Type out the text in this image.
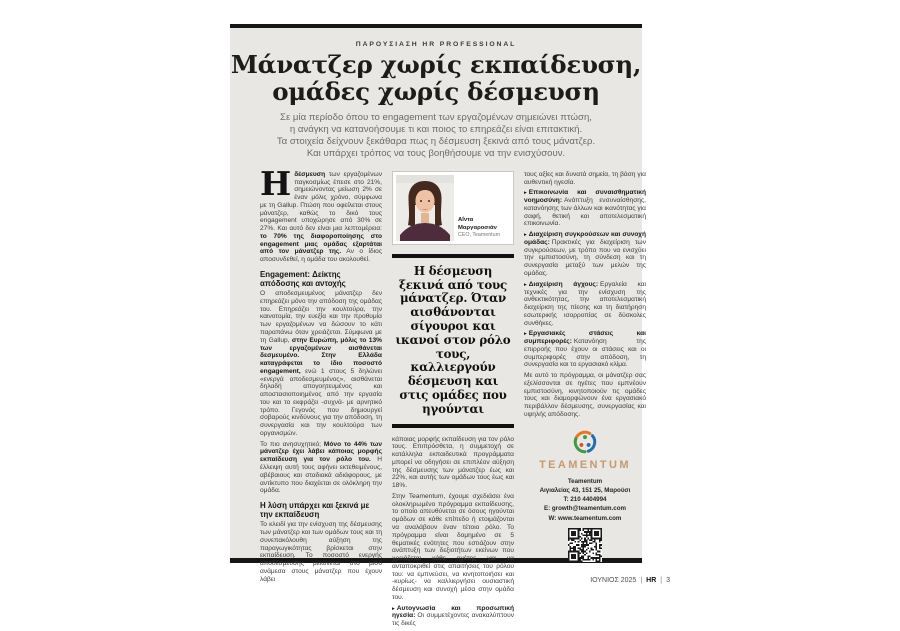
ΠΑΡΟΥΣΙΑΣΗ HR PROFESSIONAL
Μάνατζερ χωρίς εκπαίδευση,
ομάδες χωρίς δέσμευση
Σε μία περίοδο όπου το engagement των εργαζομένων σημειώνει πτώση,
η ανάγκη να κατανοήσουμε τι και ποιος το επηρεάζει είναι επιτακτική.
Τα στοιχεία δείχνουν ξεκάθαρα πως η δέσμευση ξεκινά από τους μάνατζερ.
Και υπάρχει τρόπος να τους βοηθήσουμε να την ενισχύσουν.

Ηδέσμευση των εργαζομένων παγκοσμίως έπεσε στο 21%, σημειώνοντας μείωση 2% σε έναν μόλις χρόνο, σύμφωνα με τη Gallup. Πτώση που οφείλεται στους μάνατζερ, καθώς το δικό τους engagement υποχώρησε από 30% σε 27%. Και αυτό δεν είναι μια λεπτομέρεια: το 70% της διαφοροποίησης στο engagement μιας ομάδας εξαρτάται από τον μάνατζερ της. Αν ο ίδιος αποσυνδεθεί, η ομάδα του ακολουθεί.

Engagement: Δείκτης απόδοσης και αντοχής

Ο αποδεσμευμένος μάνατζερ δεν επηρεάζει μόνο την απόδοση της ομάδας του. Επηρεάζει την κουλτούρα, την καινοτομία, την ευεξία και την προθυμία των εργαζομένων να δώσουν το κάτι παραπάνω όταν χρειάζεται. Σύμφωνα με τη Gallup, στην Ευρώπη, μόλις το 13% των εργαζομένων αισθάνεται δεσμευμένο. Στην Ελλάδα καταγράφεται το ίδιο ποσοστό engagement, ενώ 1 στους 5 δηλώνει «ενεργά αποδεσμευμένος», αισθάνεται δηλαδή απογοητευμένος και αποστασιοποιημένος από την εργασία του και το εκφράζει -συχνά- με αρνητικό τρόπο. Γεγονός που δημιουργεί σοβαρούς κινδύνους για την απόδοση, τη συνεργασία και την κουλτούρα των οργανισμών.

Το πιο ανησυχητικό; Μόνο το 44% των μάνατζερ έχει λάβει κάποιας μορφής εκπαίδευση για τον ρόλο του. Η έλλειψη αυτή τους αφήνει εκτεθειμένους, αβέβαιους και σταδιακά αδιάφορους, με αντίκτυπο που διαχέεται σε ολόκληρη την ομάδα.

Η λύση υπάρχει και ξεκινά με την εκπαίδευση

Το κλειδί για την ενίσχυση της δέσμευσης των μάνατζερ και των ομάδων τους και τη συνεπακόλουθη αύξηση της παραγωγικότητας βρίσκεται στην εκπαίδευση. Το ποσοστό ενεργής αποδέσμευσης μειώνεται στο μισό ανάμεσα στους μάνατζερ που έχουν λάβει

Αΐντα Μαργαροσιάν
CEO, Teamentum
Η δέσμευση ξεκινά από τους μάνατζερ. Όταν αισθάνονται σίγουροι και ικανοί στον ρόλο τους, καλλιεργούν δέσμευση και στις ομάδες που ηγούνται

κάποιας μορφής εκπαίδευση για τον ρόλο τους. Επιπρόσθετα, η συμμετοχή σε κατάλληλα εκπαιδευτικά προγράμματα μπορεί να οδηγήσει σε επιπλέον αύξηση της δέσμευσης των μάνατζερ έως και 22%, και αυτής των ομάδων τους έως και 18%.

Στην Teamentum, έχουμε σχεδιάσει ένα ολοκληρωμένο πρόγραμμα εκπαίδευσης, το οποίο απευθύνεται σε όσους ηγούνται ομάδων σε κάθε επίπεδο ή ετοιμάζονται να αναλάβουν έναν τέτοιο ρόλο. Το πρόγραμμα είναι δομημένο σε 5 θεματικές ενότητες που εστιάζουν στην ανάπτυξη των δεξιοτήτων εκείνων που χρειάζεται κάθε ηγέτης για να ανταποκριθεί στις απαιτήσεις του ρόλου του: να εμπνεύσει, να κινητοποιήσει και -κυρίως- να καλλιεργήσει ουσιαστική δέσμευση και συνοχή μέσα στην ομάδα του.

▸ Αυτογνωσία και προσωπική ηγεσία: Οι συμμετέχοντες ανακαλύπτουν τις δικές

τους αξίες και δυνατά σημεία, τη βάση για αυθεντική ηγεσία.

▸ Επικοινωνία και συναισθηματική νοημοσύνη: Ανάπτυξη ενσυναίσθησης, κατανόησης των άλλων και ικανότητας για σαφή, θετική και αποτελεσματική επικοινωνία.

▸ Διαχείριση συγκρούσεων και συνοχή ομάδας: Πρακτικές για διαχείριση των συγκρούσεων, με τρόπο που να ενισχύει την εμπιστοσύνη, τη σύνδεση και τη συνεργασία μεταξύ των μελών της ομάδας.

▸ Διαχείριση άγχους: Εργαλεία και τεχνικές για την ενίσχυση της ανθεκτικότητας, την αποτελεσματική διαχείριση της πίεσης και τη διατήρηση εσωτερικής ισορροπίας σε δύσκολες συνθήκες.

▸ Εργασιακές στάσεις και συμπεριφορές: Κατανόηση της επιρροής που έχουν οι στάσεις και οι συμπεριφορές στην απόδοση, τη συνεργασία και το εργασιακό κλίμα.

Με αυτό το πρόγραμμα, οι μάνατζερ σας εξελίσσονται σε ηγέτες που εμπνέουν εμπιστοσύνη, κινητοποιούν τις ομάδες τους και διαμορφώνουν ένα εργασιακό περιβάλλον δέσμευσης, συνεργασίας και υψηλής απόδοσης.

TEAMENTUM
Teamentum
Αιγιαλείας 43, 151 25, Μαρούσι
T: 210 4404994
E: growth@teamentum.com
W: www.teamentum.com
ΙΟΥΝΙΟΣ 2025 | HR | 3
